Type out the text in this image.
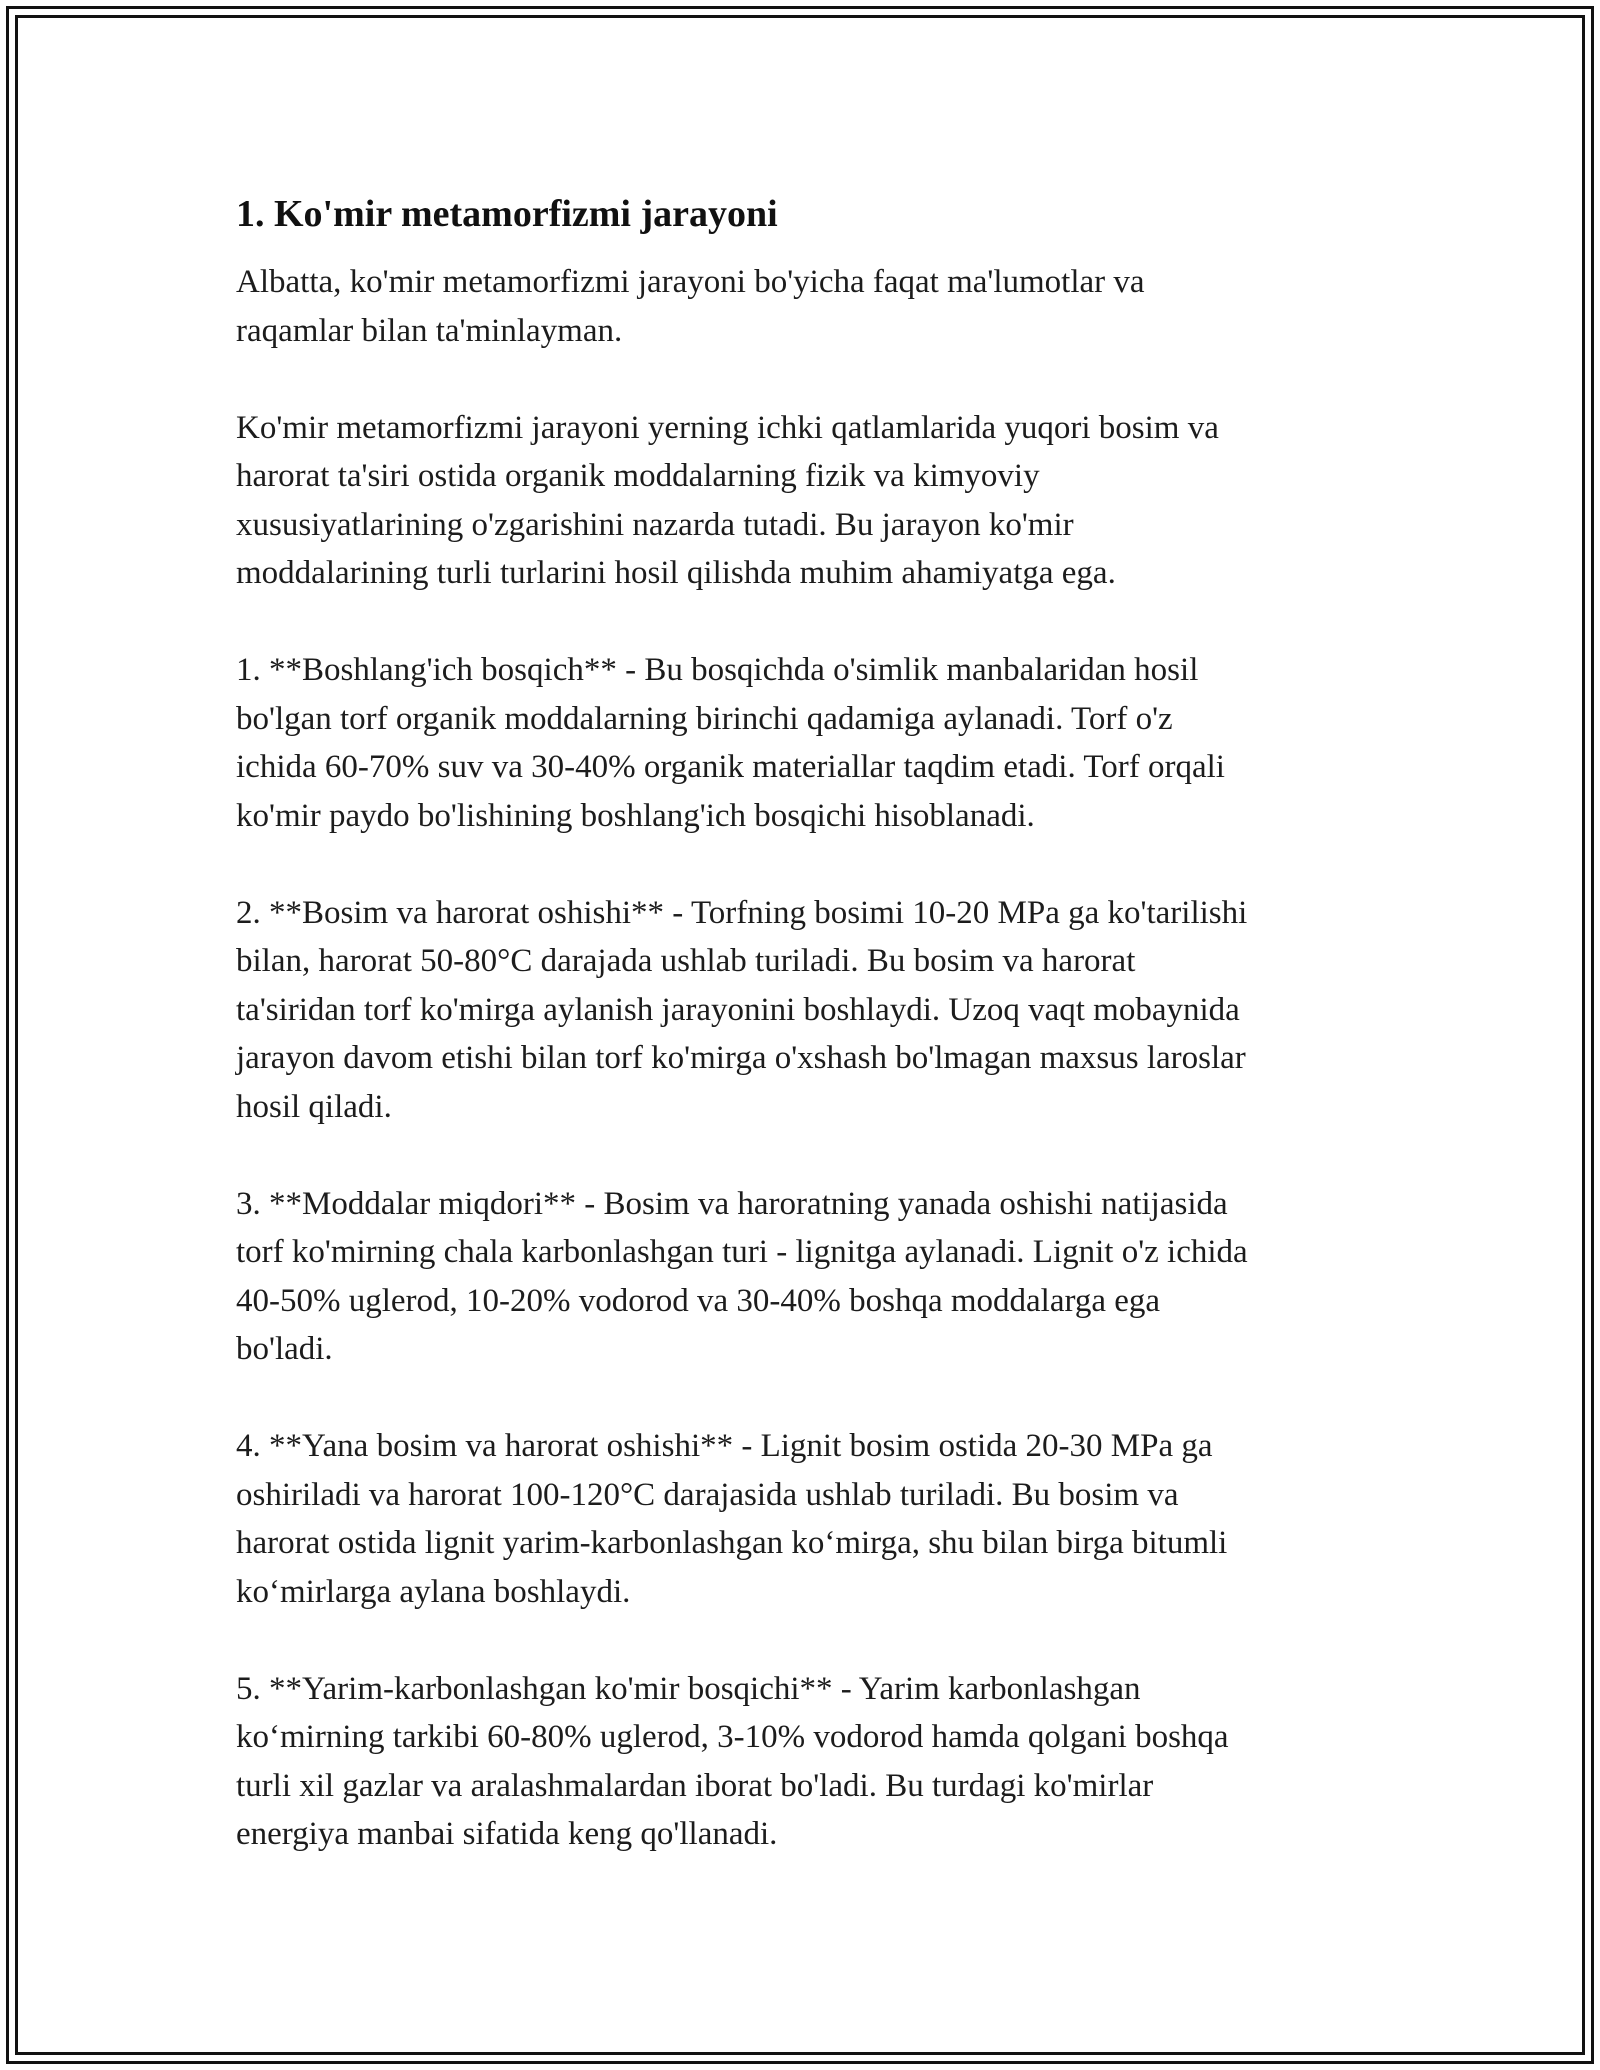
1. Ko'mir metamorfizmi jarayoni

Albatta, ko'mir metamorfizmi jarayoni bo'yicha faqat ma'lumotlar va
raqamlar bilan ta'minlayman.

Ko'mir metamorfizmi jarayoni yerning ichki qatlamlarida yuqori bosim va
harorat ta'siri ostida organik moddalarning fizik va kimyoviy
xususiyatlarining o'zgarishini nazarda tutadi. Bu jarayon ko'mir
moddalarining turli turlarini hosil qilishda muhim ahamiyatga ega.

1. **Boshlang'ich bosqich** - Bu bosqichda o'simlik manbalaridan hosil
bo'lgan torf organik moddalarning birinchi qadamiga aylanadi. Torf o'z
ichida 60-70% suv va 30-40% organik materiallar taqdim etadi. Torf orqali
ko'mir paydo bo'lishining boshlang'ich bosqichi hisoblanadi.

2. **Bosim va harorat oshishi** - Torfning bosimi 10-20 MPa ga ko'tarilishi
bilan, harorat 50-80°C darajada ushlab turiladi. Bu bosim va harorat
ta'siridan torf ko'mirga aylanish jarayonini boshlaydi. Uzoq vaqt mobaynida
jarayon davom etishi bilan torf ko'mirga o'xshash bo'lmagan maxsus laroslar
hosil qiladi.

3. **Moddalar miqdori** - Bosim va haroratning yanada oshishi natijasida
torf ko'mirning chala karbonlashgan turi - lignitga aylanadi. Lignit o'z ichida
40-50% uglerod, 10-20% vodorod va 30-40% boshqa moddalarga ega
bo'ladi.

4. **Yana bosim va harorat oshishi** - Lignit bosim ostida 20-30 MPa ga
oshiriladi va harorat 100-120°C darajasida ushlab turiladi. Bu bosim va
harorat ostida lignit yarim-karbonlashgan ko‘mirga, shu bilan birga bitumli
ko‘mirlarga aylana boshlaydi.

5. **Yarim-karbonlashgan ko'mir bosqichi** - Yarim karbonlashgan
ko‘mirning tarkibi 60-80% uglerod, 3-10% vodorod hamda qolgani boshqa
turli xil gazlar va aralashmalardan iborat bo'ladi. Bu turdagi ko'mirlar
energiya manbai sifatida keng qo'llanadi.
